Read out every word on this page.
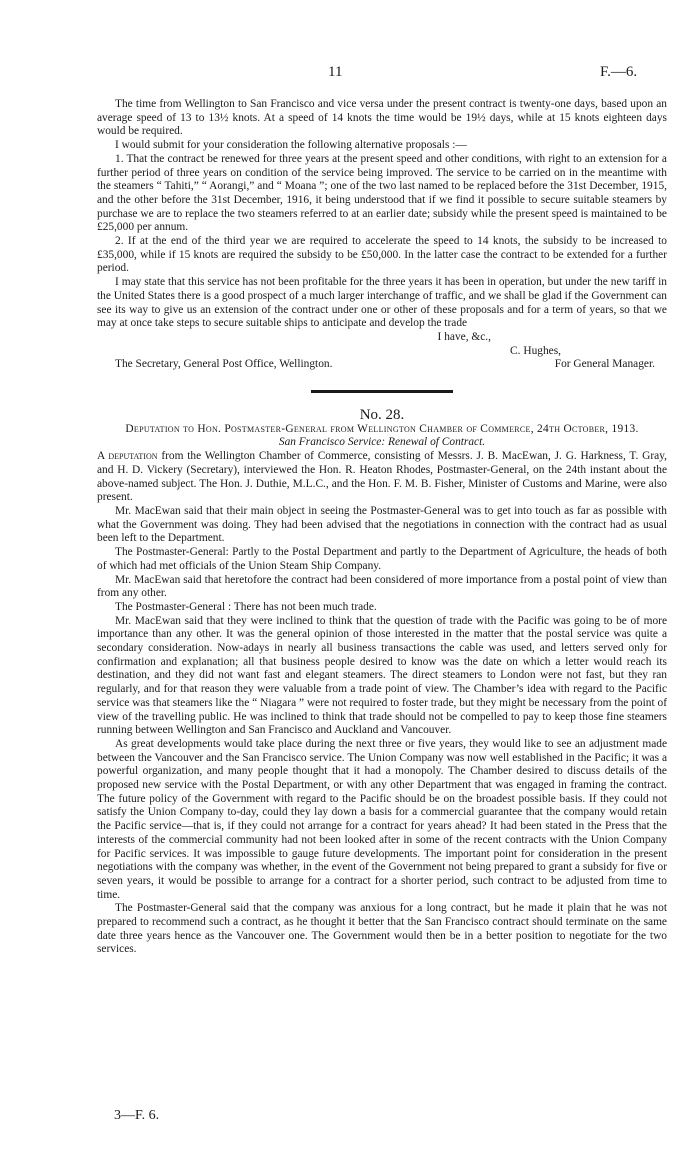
11	F.—6.

The time from Wellington to San Francisco and vice versa under the present contract is twenty-one days, based upon an average speed of 13 to 13½ knots. At a speed of 14 knots the time would be 19½ days, while at 15 knots eighteen days would be required.

I would submit for your consideration the following alternative proposals :—

1. That the contract be renewed for three years at the present speed and other conditions, with right to an extension for a further period of three years on condition of the service being improved. The service to be carried on in the meantime with the steamers “ Tahiti,” “ Aorangi,” and “ Moana ”; one of the two last named to be replaced before the 31st December, 1915, and the other before the 31st December, 1916, it being understood that if we find it possible to secure suitable steamers by purchase we are to replace the two steamers referred to at an earlier date; subsidy while the present speed is maintained to be £25,000 per annum.

2. If at the end of the third year we are required to accelerate the speed to 14 knots, the subsidy to be increased to £35,000, while if 15 knots are required the subsidy to be £50,000. In the latter case the contract to be extended for a further period.

I may state that this service has not been profitable for the three years it has been in operation, but under the new tariff in the United States there is a good prospect of a much larger interchange of traffic, and we shall be glad if the Government can see its way to give us an extension of the contract under one or other of these proposals and for a term of years, so that we may at once take steps to secure suitable ships to anticipate and develop the trade

I have, &c.,

C. Hughes,

The Secretary, General Post Office, Wellington.	For General Manager.

No. 28.

Deputation to Hon. Postmaster-General from Wellington Chamber of Commerce, 24th October, 1913.

San Francisco Service: Renewal of Contract.

A deputation from the Wellington Chamber of Commerce, consisting of Messrs. J. B. MacEwan, J. G. Harkness, T. Gray, and H. D. Vickery (Secretary), interviewed the Hon. R. Heaton Rhodes, Postmaster-General, on the 24th instant about the above-named subject. The Hon. J. Duthie, M.L.C., and the Hon. F. M. B. Fisher, Minister of Customs and Marine, were also present.

Mr. MacEwan said that their main object in seeing the Postmaster-General was to get into touch as far as possible with what the Government was doing. They had been advised that the negotiations in connection with the contract had as usual been left to the Department.

The Postmaster-General: Partly to the Postal Department and partly to the Department of Agriculture, the heads of both of which had met officials of the Union Steam Ship Company.

Mr. MacEwan said that heretofore the contract had been considered of more importance from a postal point of view than from any other.

The Postmaster-General : There has not been much trade.

Mr. MacEwan said that they were inclined to think that the question of trade with the Pacific was going to be of more importance than any other. It was the general opinion of those interested in the matter that the postal service was quite a secondary consideration. Now-adays in nearly all business transactions the cable was used, and letters served only for confirmation and explanation; all that business people desired to know was the date on which a letter would reach its destination, and they did not want fast and elegant steamers. The direct steamers to London were not fast, but they ran regularly, and for that reason they were valuable from a trade point of view. The Chamber’s idea with regard to the Pacific service was that steamers like the “ Niagara ” were not required to foster trade, but they might be necessary from the point of view of the travelling public. He was inclined to think that trade should not be compelled to pay to keep those fine steamers running between Wellington and San Francisco and Auckland and Vancouver.

As great developments would take place during the next three or five years, they would like to see an adjustment made between the Vancouver and the San Francisco service. The Union Company was now well established in the Pacific; it was a powerful organization, and many people thought that it had a monopoly. The Chamber desired to discuss details of the proposed new service with the Postal Department, or with any other Department that was engaged in framing the contract. The future policy of the Government with regard to the Pacific should be on the broadest possible basis. If they could not satisfy the Union Company to-day, could they lay down a basis for a commercial guarantee that the company would retain the Pacific service—that is, if they could not arrange for a contract for years ahead? It had been stated in the Press that the interests of the commercial community had not been looked after in some of the recent contracts with the Union Company for Pacific services. It was impossible to gauge future developments. The important point for consideration in the present negotiations with the company was whether, in the event of the Government not being prepared to grant a subsidy for five or seven years, it would be possible to arrange for a contract for a shorter period, such contract to be adjusted from time to time.

The Postmaster-General said that the company was anxious for a long contract, but he made it plain that he was not prepared to recommend such a contract, as he thought it better that the San Francisco contract should terminate on the same date three years hence as the Vancouver one. The Government would then be in a better position to negotiate for the two services.

3—F. 6.
